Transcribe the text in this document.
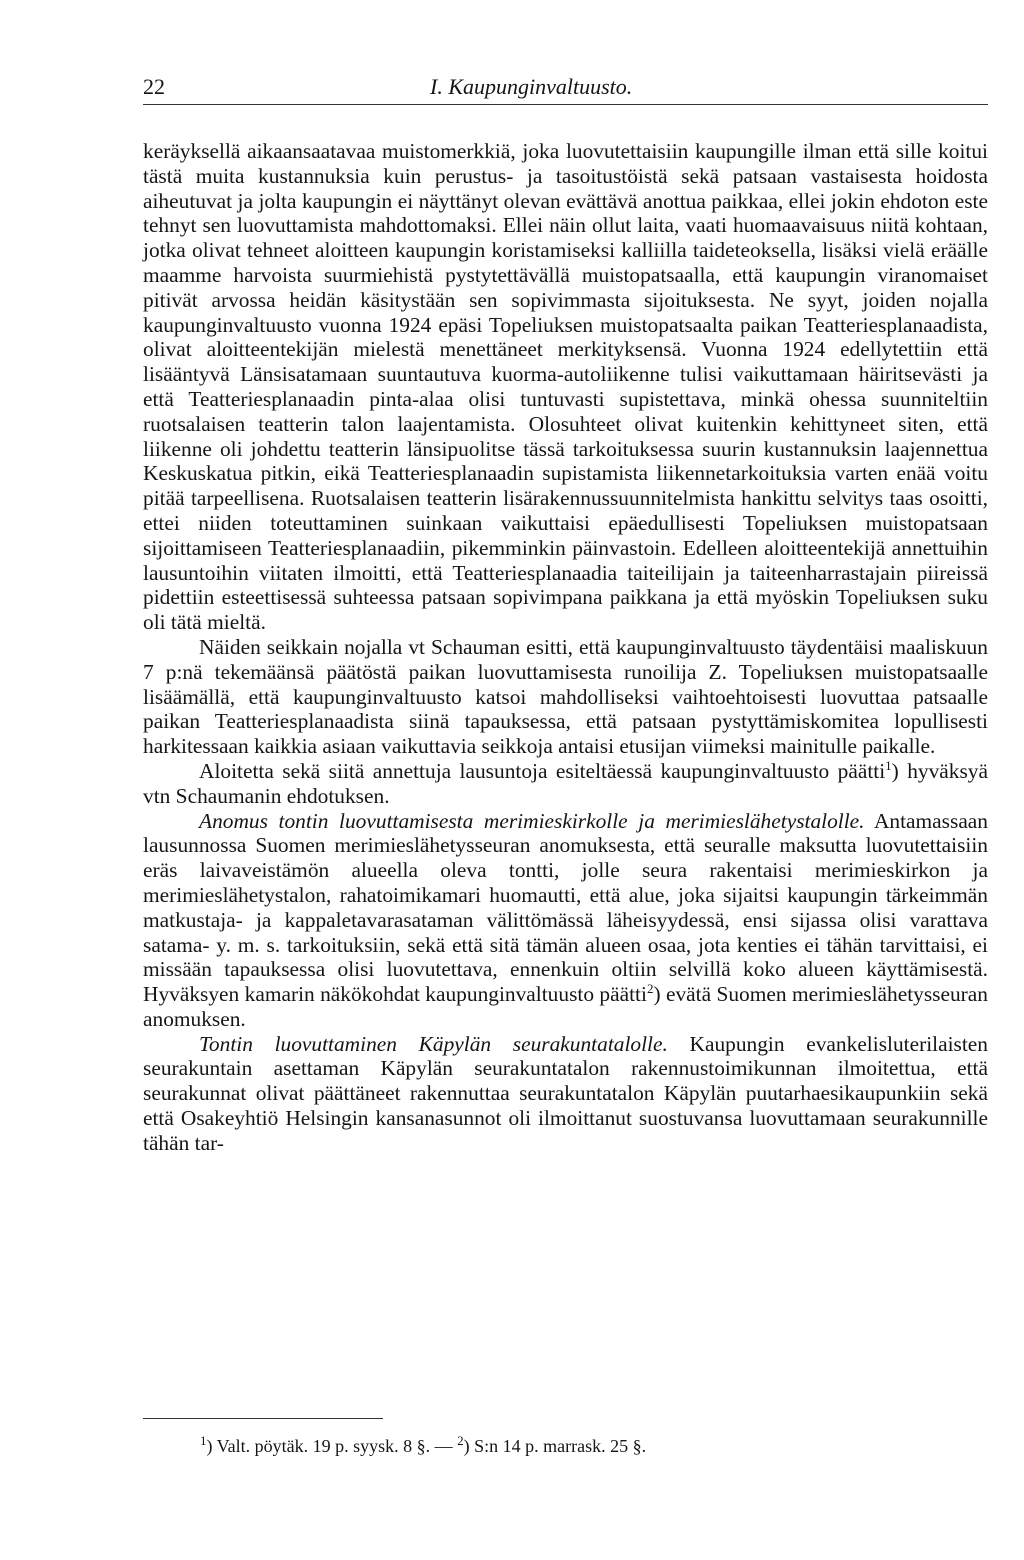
22	I. Kaupunginvaltuusto.

keräyksellä aikaansaatavaa muistomerkkiä, joka luovutettaisiin kaupungille ilman että sille koitui tästä muita kustannuksia kuin perustus- ja tasoitustöistä sekä patsaan vastaisesta hoidosta aiheutuvat ja jolta kaupungin ei näyttänyt olevan evättävä anottua paikkaa, ellei jokin ehdoton este tehnyt sen luovuttamista mahdottomaksi. Ellei näin ollut laita, vaati huomaavaisuus niitä kohtaan, jotka olivat tehneet aloitteen kaupungin koristamiseksi kalliilla taideteoksella, lisäksi vielä eräälle maamme harvoista suurmiehistä pystytettävällä muistopatsaalla, että kaupungin viranomaiset pitivät arvossa heidän käsitystään sen sopivimmasta sijoituksesta. Ne syyt, joiden nojalla kaupunginvaltuusto vuonna 1924 epäsi Topeliuksen muistopatsaalta paikan Teatteriesplanaadista, olivat aloitteentekijän mielestä menettäneet merkityksensä. Vuonna 1924 edellytettiin että lisääntyvä Länsisatamaan suuntautuva kuorma-autoliikenne tulisi vaikuttamaan häiritsevästi ja että Teatteriesplanaadin pinta-alaa olisi tuntuvasti supistettava, minkä ohessa suunniteltiin ruotsalaisen teatterin talon laajentamista. Olosuhteet olivat kuitenkin kehittyneet siten, että liikenne oli johdettu teatterin länsipuolitse tässä tarkoituksessa suurin kustannuksin laajennettua Keskuskatua pitkin, eikä Teatteriesplanaadin supistamista liikennetarkoituksia varten enää voitu pitää tarpeellisena. Ruotsalaisen teatterin lisärakennussuunnitelmista hankittu selvitys taas osoitti, ettei niiden toteuttaminen suinkaan vaikuttaisi epäedullisesti Topeliuksen muistopatsaan sijoittamiseen Teatteriesplanaadiin, pikemminkin päinvastoin. Edelleen aloitteentekijä annettuihin lausuntoihin viitaten ilmoitti, että Teatteriesplanaadia taiteilijain ja taiteenharrastajain piireissä pidettiin esteettisessä suhteessa patsaan sopivimpana paikkana ja että myöskin Topeliuksen suku oli tätä mieltä.

Näiden seikkain nojalla vt Schauman esitti, että kaupunginvaltuusto täydentäisi maaliskuun 7 p:nä tekemäänsä päätöstä paikan luovuttamisesta runoilija Z. Topeliuksen muistopatsaalle lisäämällä, että kaupunginvaltuusto katsoi mahdolliseksi vaihtoehtoisesti luovuttaa patsaalle paikan Teatteriesplanaadista siinä tapauksessa, että patsaan pystyttämiskomitea lopullisesti harkitessaan kaikkia asiaan vaikuttavia seikkoja antaisi etusijan viimeksi mainitulle paikalle.

Aloitetta sekä siitä annettuja lausuntoja esiteltäessä kaupunginvaltuusto päätti$^1$) hyväksyä vtn Schaumanin ehdotuksen.

Anomus tontin luovuttamisesta merimieskirkolle ja merimieslähetystalolle. Antamassaan lausunnossa Suomen merimieslähetysseuran anomuksesta, että seuralle maksutta luovutettaisiin eräs laivaveistämön alueella oleva tontti, jolle seura rakentaisi merimieskirkon ja merimieslähetystalon, rahatoimikamari huomautti, että alue, joka sijaitsi kaupungin tärkeimmän matkustaja- ja kappaletavarasataman välittömässä läheisyydessä, ensi sijassa olisi varattava satama- y. m. s. tarkoituksiin, sekä että sitä tämän alueen osaa, jota kenties ei tähän tarvittaisi, ei missään tapauksessa olisi luovutettava, ennenkuin oltiin selvillä koko alueen käyttämisestä. Hyväksyen kamarin näkökohdat kaupunginvaltuusto päätti$^2$) evätä Suomen merimieslähetysseuran anomuksen.

Tontin luovuttaminen Käpylän seurakuntatalolle. Kaupungin evankelisluterilaisten seurakuntain asettaman Käpylän seurakuntatalon rakennustoimikunnan ilmoitettua, että seurakunnat olivat päättäneet rakennuttaa seurakuntatalon Käpylän puutarhaesikaupunkiin sekä että Osakeyhtiö Helsingin kansanasunnot oli ilmoittanut suostuvansa luovuttamaan seurakunnille tähän tar-

$^1$) Valt. pöytäk. 19 p. syysk. 8 §. — $^2$) S:n 14 p. marrask. 25 §.
